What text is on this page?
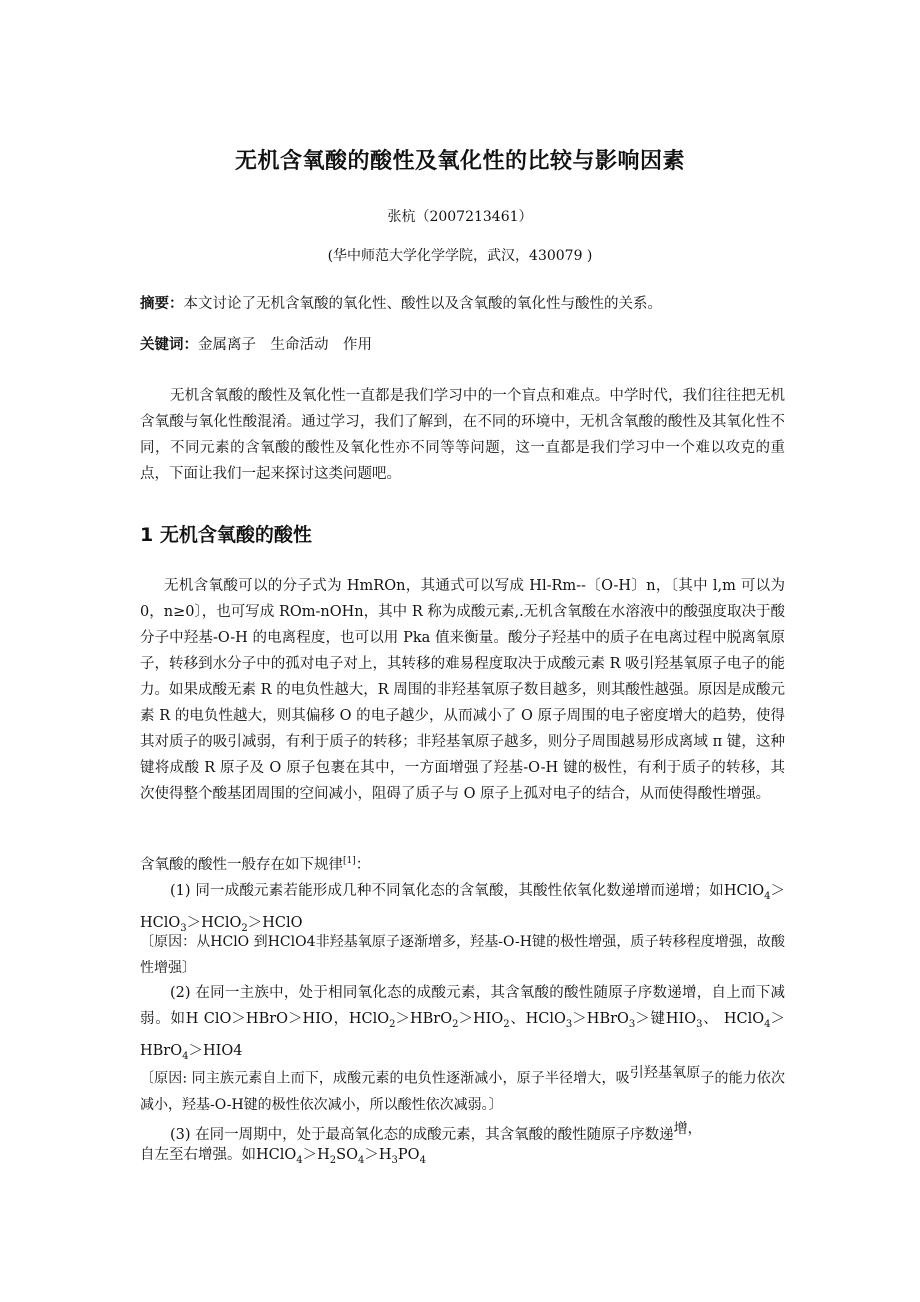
无机含氧酸的酸性及氧化性的比较与影响因素
张杭（2007213461）
(华中师范大学化学学院，武汉，430079 )
摘要：本文讨论了无机含氧酸的氧化性、酸性以及含氧酸的氧化性与酸性的关系。
关键词：金属离子　生命活动　作用
无机含氧酸的酸性及氧化性一直都是我们学习中的一个盲点和难点。中学时代，我们往往把无机含氧酸与氧化性酸混淆。通过学习，我们了解到，在不同的环境中，无机含氧酸的酸性及其氧化性不同，不同元素的含氧酸的酸性及氧化性亦不同等等问题，这一直都是我们学习中一个难以攻克的重点，下面让我们一起来探讨这类问题吧。
1 无机含氧酸的酸性
无机含氧酸可以的分子式为 HmROn，其通式可以写成 Hl-Rm--〔O-H〕n，〔其中 l,m 可以为 0，n≥0〕，也可写成 ROm-nOHn，其中 R 称为成酸元素,.无机含氧酸在水溶液中的酸强度取决于酸分子中羟基-O-H 的电离程度，也可以用 Pka 值来衡量。酸分子羟基中的质子在电离过程中脱离氧原子，转移到水分子中的孤对电子对上，其转移的难易程度取决于成酸元素 R 吸引羟基氧原子电子的能力。如果成酸无素 R 的电负性越大，R 周围的非羟基氧原子数目越多，则其酸性越强。原因是成酸元素 R 的电负性越大，则其偏移 O 的电子越少，从而减小了 O 原子周围的电子密度增大的趋势，使得其对质子的吸引减弱，有利于质子的转移；非羟基氧原子越多，则分子周围越易形成离域 π 键，这种键将成酸 R 原子及 O 原子包裹在其中，一方面增强了羟基-O-H 键的极性，有利于质子的转移，其次使得整个酸基团周围的空间减小，阻碍了质子与 O 原子上孤对电子的结合，从而使得酸性增强。
含氧酸的酸性一般存在如下规律[1]：
(1) 同一成酸元素若能形成几种不同氧化态的含氧酸，其酸性依氧化数递增而递增；如HClO$_4$＞HClO$_3$＞HClO$_2$＞HClO
〔原因：从HClO 到HClO4非羟基氧原子逐渐增多，羟基-O-H键的极性增强，质子转移程度增强，故酸性增强〕
(2) 在同一主族中，处于相同氧化态的成酸元素，其含氧酸的酸性随原子序数递增，自上而下减弱。如H ClO＞HBrO＞HIO，$HClO_2>HBrO_2>HIO_2$、HClO$_3$＞HBrO$_3$＞键$HIO_3$、 HClO$_4$＞HBrO$_4$＞HIO4
〔原因: 同主族元素自上而下，成酸元素的电负性逐渐减小，原子半径增大，吸$^{引羟基氧原}$子的能力依次减小，羟基-O-H键的极性依次减小，所以酸性依次减弱。〕
(3) 在同一周期中，处于最高氧化态的成酸元素，其含氧酸的酸性随原子序数递$^{增,}$
自左至右增强。如$HClO_4>H_2SO_4>H_3PO_4$
